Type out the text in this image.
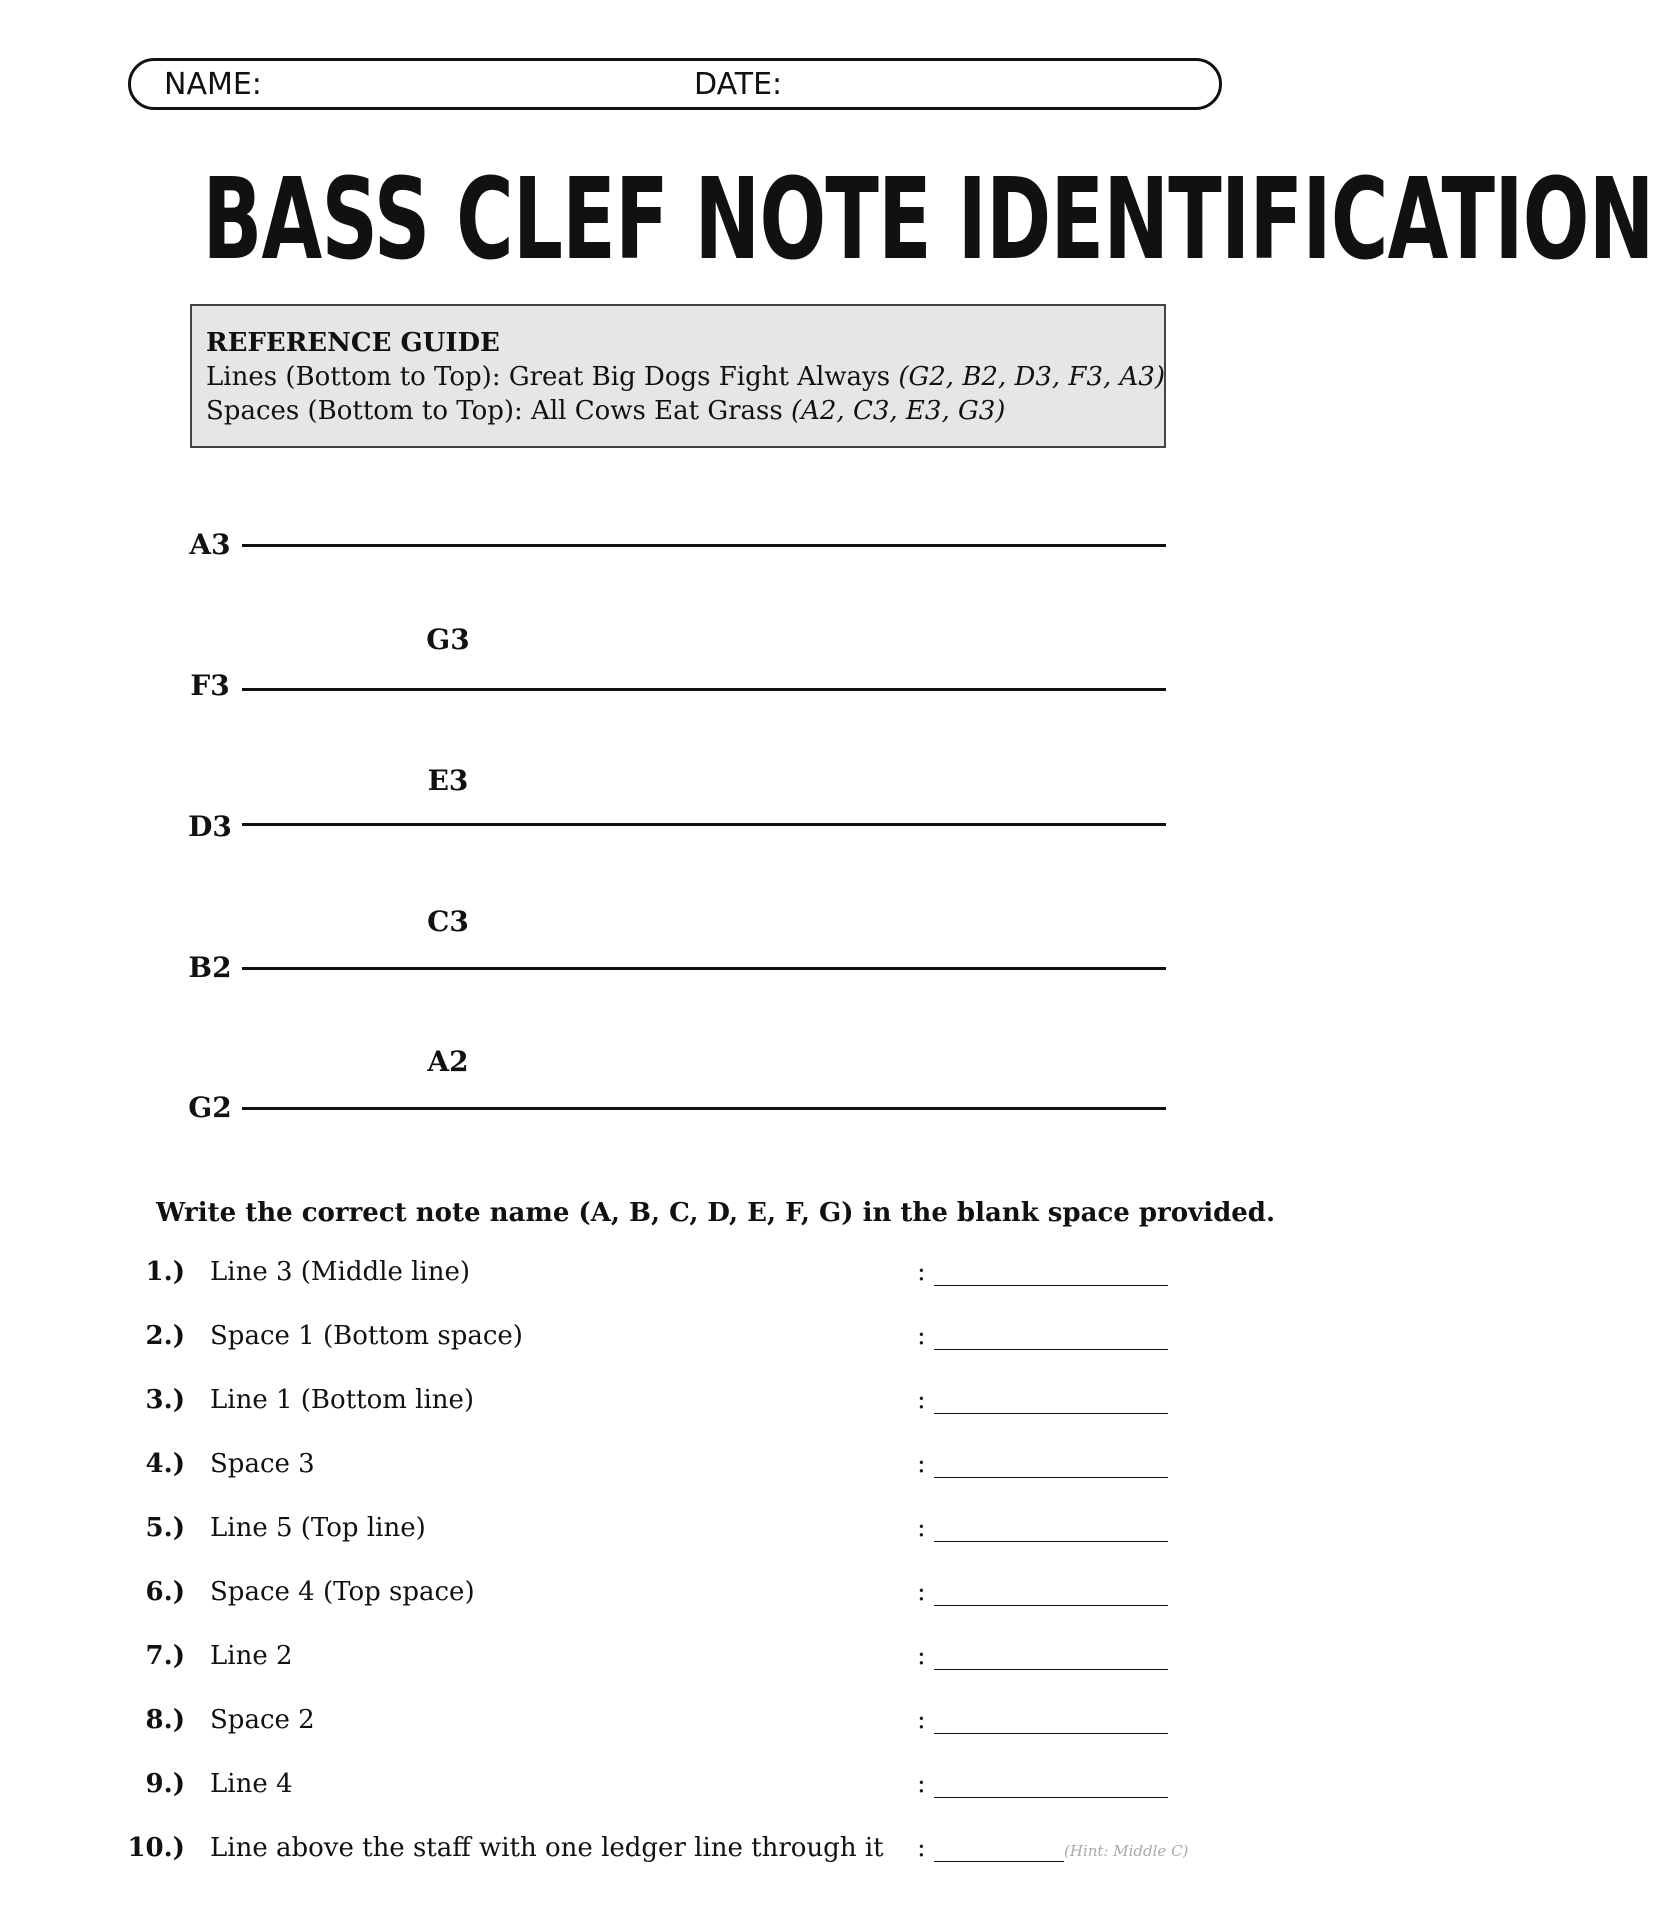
NAME:	DATE:
BASS CLEF NOTE IDENTIFICATION
REFERENCE GUIDE
Lines (Bottom to Top): Great Big Dogs Fight Always (G2, B2, D3, F3, A3)
Spaces (Bottom to Top): All Cows Eat Grass (A2, C3, E3, G3)
A3
G3
F3
E3
D3
C3
B2
A2
G2
Write the correct note name (A, B, C, D, E, F, G) in the blank space provided.
1.) Line 3 (Middle line)	: __________________
2.) Space 1 (Bottom space)	: __________________
3.) Line 1 (Bottom line)	: __________________
4.) Space 3	: __________________
5.) Line 5 (Top line)	: __________________
6.) Space 4 (Top space)	: __________________
7.) Line 2	: __________________
8.) Space 2	: __________________
9.) Line 4	: __________________
10.) Line above the staff with one ledger line through it : __________(Hint: Middle C)
